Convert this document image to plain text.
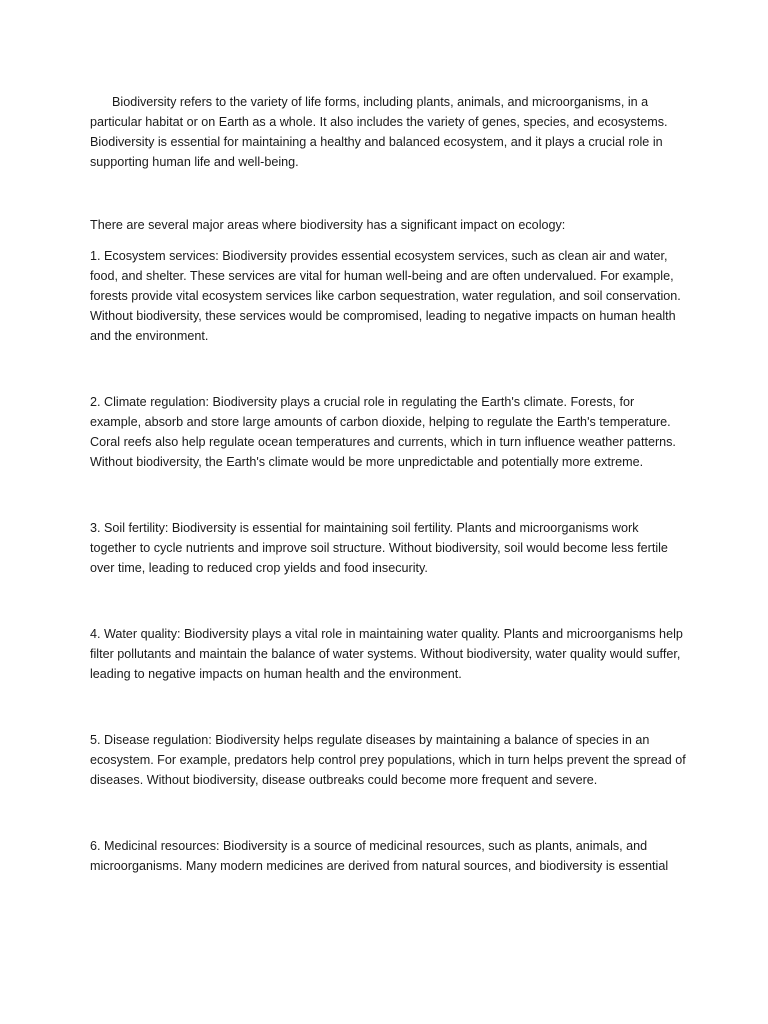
Biodiversity refers to the variety of life forms, including plants, animals, and microorganisms, in a particular habitat or on Earth as a whole. It also includes the variety of genes, species, and ecosystems. Biodiversity is essential for maintaining a healthy and balanced ecosystem, and it plays a crucial role in supporting human life and well-being.

There are several major areas where biodiversity has a significant impact on ecology:

1. Ecosystem services: Biodiversity provides essential ecosystem services, such as clean air and water, food, and shelter. These services are vital for human well-being and are often undervalued. For example, forests provide vital ecosystem services like carbon sequestration, water regulation, and soil conservation. Without biodiversity, these services would be compromised, leading to negative impacts on human health and the environment.

2. Climate regulation: Biodiversity plays a crucial role in regulating the Earth's climate. Forests, for example, absorb and store large amounts of carbon dioxide, helping to regulate the Earth's temperature. Coral reefs also help regulate ocean temperatures and currents, which in turn influence weather patterns. Without biodiversity, the Earth's climate would be more unpredictable and potentially more extreme.

3. Soil fertility: Biodiversity is essential for maintaining soil fertility. Plants and microorganisms work together to cycle nutrients and improve soil structure. Without biodiversity, soil would become less fertile over time, leading to reduced crop yields and food insecurity.

4. Water quality: Biodiversity plays a vital role in maintaining water quality. Plants and microorganisms help filter pollutants and maintain the balance of water systems. Without biodiversity, water quality would suffer, leading to negative impacts on human health and the environment.

5. Disease regulation: Biodiversity helps regulate diseases by maintaining a balance of species in an ecosystem. For example, predators help control prey populations, which in turn helps prevent the spread of diseases. Without biodiversity, disease outbreaks could become more frequent and severe.

6. Medicinal resources: Biodiversity is a source of medicinal resources, such as plants, animals, and microorganisms. Many modern medicines are derived from natural sources, and biodiversity is essential
